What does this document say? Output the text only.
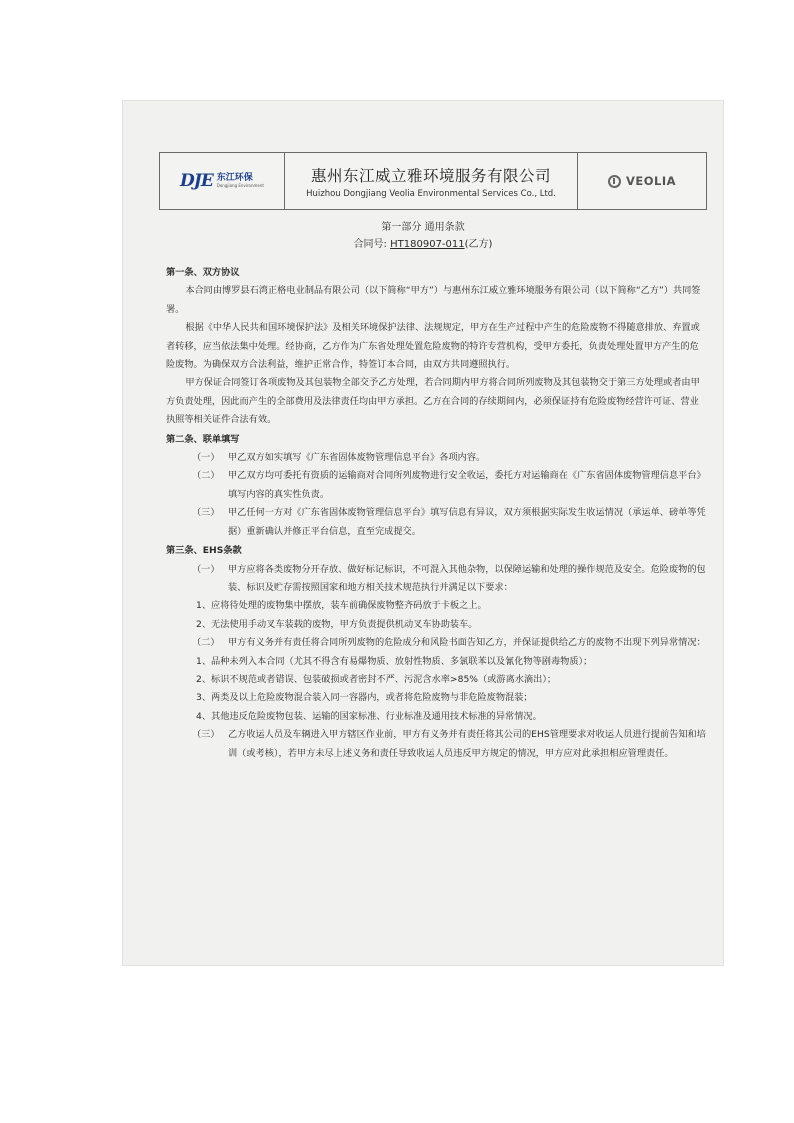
DJE 东江环保
Dongjiang Environment
惠州东江威立雅环境服务有限公司
Huizhou Dongjiang Veolia Environmental Services Co., Ltd.
VEOLIA
第一部分 通用条款
合同号: HT180907-011(乙方)
第一条、双方协议

本合同由博罗县石湾正格电业制品有限公司（以下简称“甲方”）与惠州东江威立雅环境服务有限公司（以下简称“乙方”）共同签署。

根据《中华人民共和国环境保护法》及相关环境保护法律、法规规定，甲方在生产过程中产生的危险废物不得随意排放、弃置或者转移，应当依法集中处理。经协商，乙方作为广东省处理处置危险废物的特许专营机构，受甲方委托，负责处理处置甲方产生的危险废物。为确保双方合法利益，维护正常合作，特签订本合同，由双方共同遵照执行。

甲方保证合同签订各项废物及其包装物全部交予乙方处理，若合同期内甲方将合同所列废物及其包装物交于第三方处理或者由甲方负责处理，因此而产生的全部费用及法律责任均由甲方承担。乙方在合同的存续期间内，必须保证持有危险废物经营许可证、营业执照等相关证件合法有效。

第二条、联单填写
（一） 甲乙双方如实填写《广东省固体废物管理信息平台》各项内容。
（二） 甲乙双方均可委托有资质的运输商对合同所列废物进行安全收运，委托方对运输商在《广东省固体废物管理信息平台》填写内容的真实性负责。
（三） 甲乙任何一方对《广东省固体废物管理信息平台》填写信息有异议，双方须根据实际发生收运情况（承运单、磅单等凭据）重新确认并修正平台信息，直至完成提交。
第三条、EHS条款
（一） 甲方应将各类废物分开存放、做好标记标识，不可混入其他杂物，以保障运输和处理的操作规范及安全。危险废物的包装、标识及贮存需按照国家和地方相关技术规范执行并满足以下要求：

1、应将待处理的废物集中摆放，装车前确保废物整齐码放于卡板之上。

2、无法使用手动叉车装载的废物，甲方负责提供机动叉车协助装车。

（二） 甲方有义务并有责任将合同所列废物的危险成分和风险书面告知乙方，并保证提供给乙方的废物不出现下列异常情况：

1、品种未列入本合同（尤其不得含有易爆物质、放射性物质、多氯联苯以及氰化物等剧毒物质）；

2、标识不规范或者错误、包装破损或者密封不严、污泥含水率>85%（或游离水滴出）；

3、两类及以上危险废物混合装入同一容器内，或者将危险废物与非危险废物混装；

4、其他违反危险废物包装、运输的国家标准、行业标准及通用技术标准的异常情况。

（三） 乙方收运人员及车辆进入甲方辖区作业前，甲方有义务并有责任将其公司的EHS管理要求对收运人员进行提前告知和培训（或考核），若甲方未尽上述义务和责任导致收运人员违反甲方规定的情况，甲方应对此承担相应管理责任。
